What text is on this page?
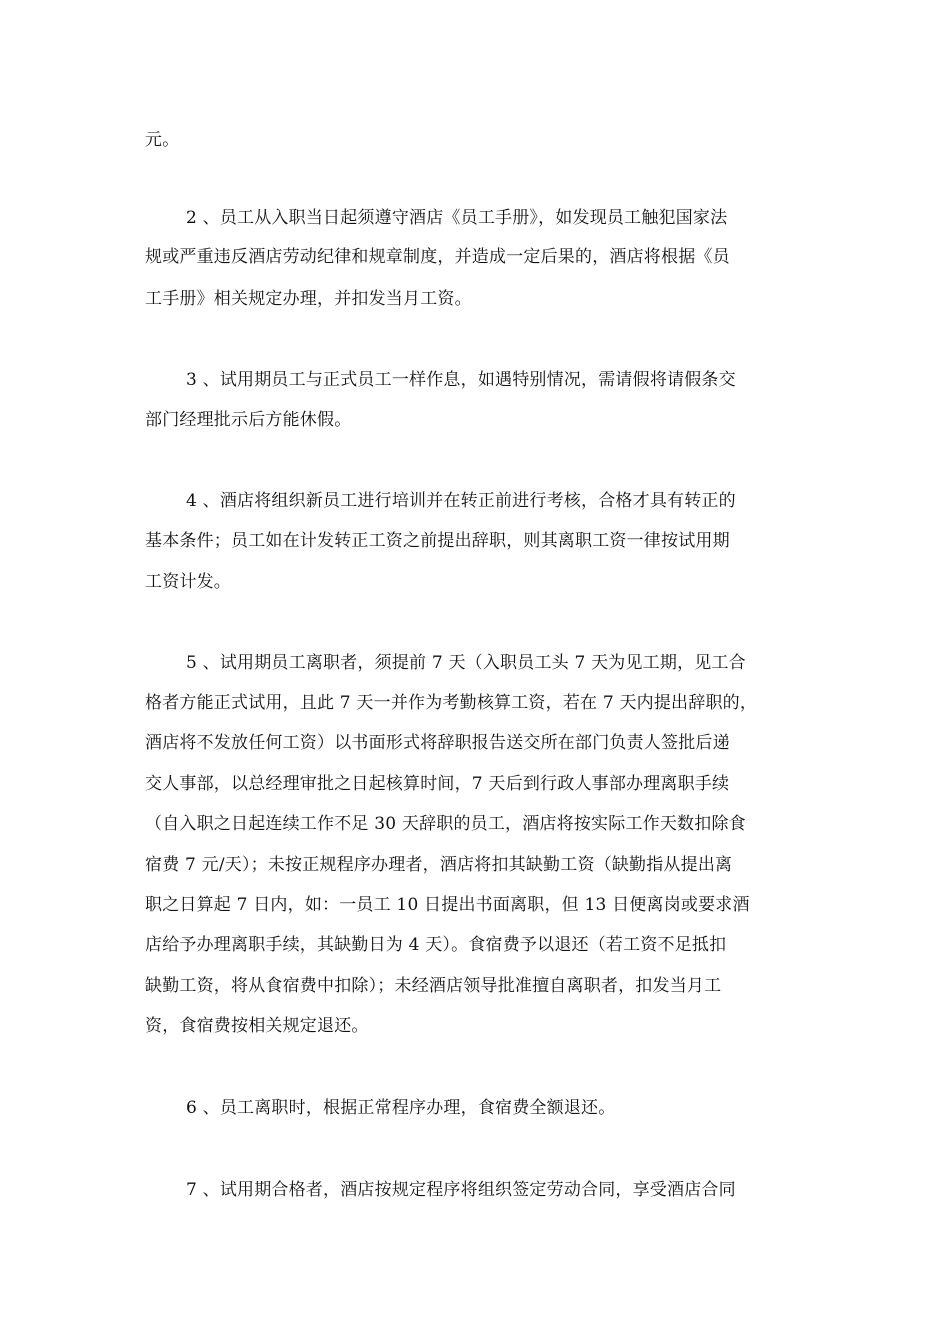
元。
2 、员工从入职当日起须遵守酒店《员工手册》，如发现员工触犯国家法
规或严重违反酒店劳动纪律和规章制度，并造成一定后果的，酒店将根据《员
工手册》相关规定办理，并扣发当月工资。
3 、试用期员工与正式员工一样作息，如遇特别情况，需请假将请假条交
部门经理批示后方能休假。
4 、酒店将组织新员工进行培训并在转正前进行考核，合格才具有转正的
基本条件；员工如在计发转正工资之前提出辞职，则其离职工资一律按试用期
工资计发。
5 、试用期员工离职者，须提前 7 天（入职员工头 7 天为见工期，见工合
格者方能正式试用，且此 7 天一并作为考勤核算工资，若在 7 天内提出辞职的，
酒店将不发放任何工资）以书面形式将辞职报告送交所在部门负责人签批后递
交人事部，以总经理审批之日起核算时间，7 天后到行政人事部办理离职手续
（自入职之日起连续工作不足 30 天辞职的员工，酒店将按实际工作天数扣除食
宿费 7 元/天）；未按正规程序办理者，酒店将扣其缺勤工资（缺勤指从提出离
职之日算起 7 日内，如：一员工 10 日提出书面离职，但 13 日便离岗或要求酒
店给予办理离职手续，其缺勤日为 4 天）。食宿费予以退还（若工资不足抵扣
缺勤工资，将从食宿费中扣除）；未经酒店领导批准擅自离职者，扣发当月工
资，食宿费按相关规定退还。
6 、员工离职时，根据正常程序办理，食宿费全额退还。
7 、试用期合格者，酒店按规定程序将组织签定劳动合同，享受酒店合同
